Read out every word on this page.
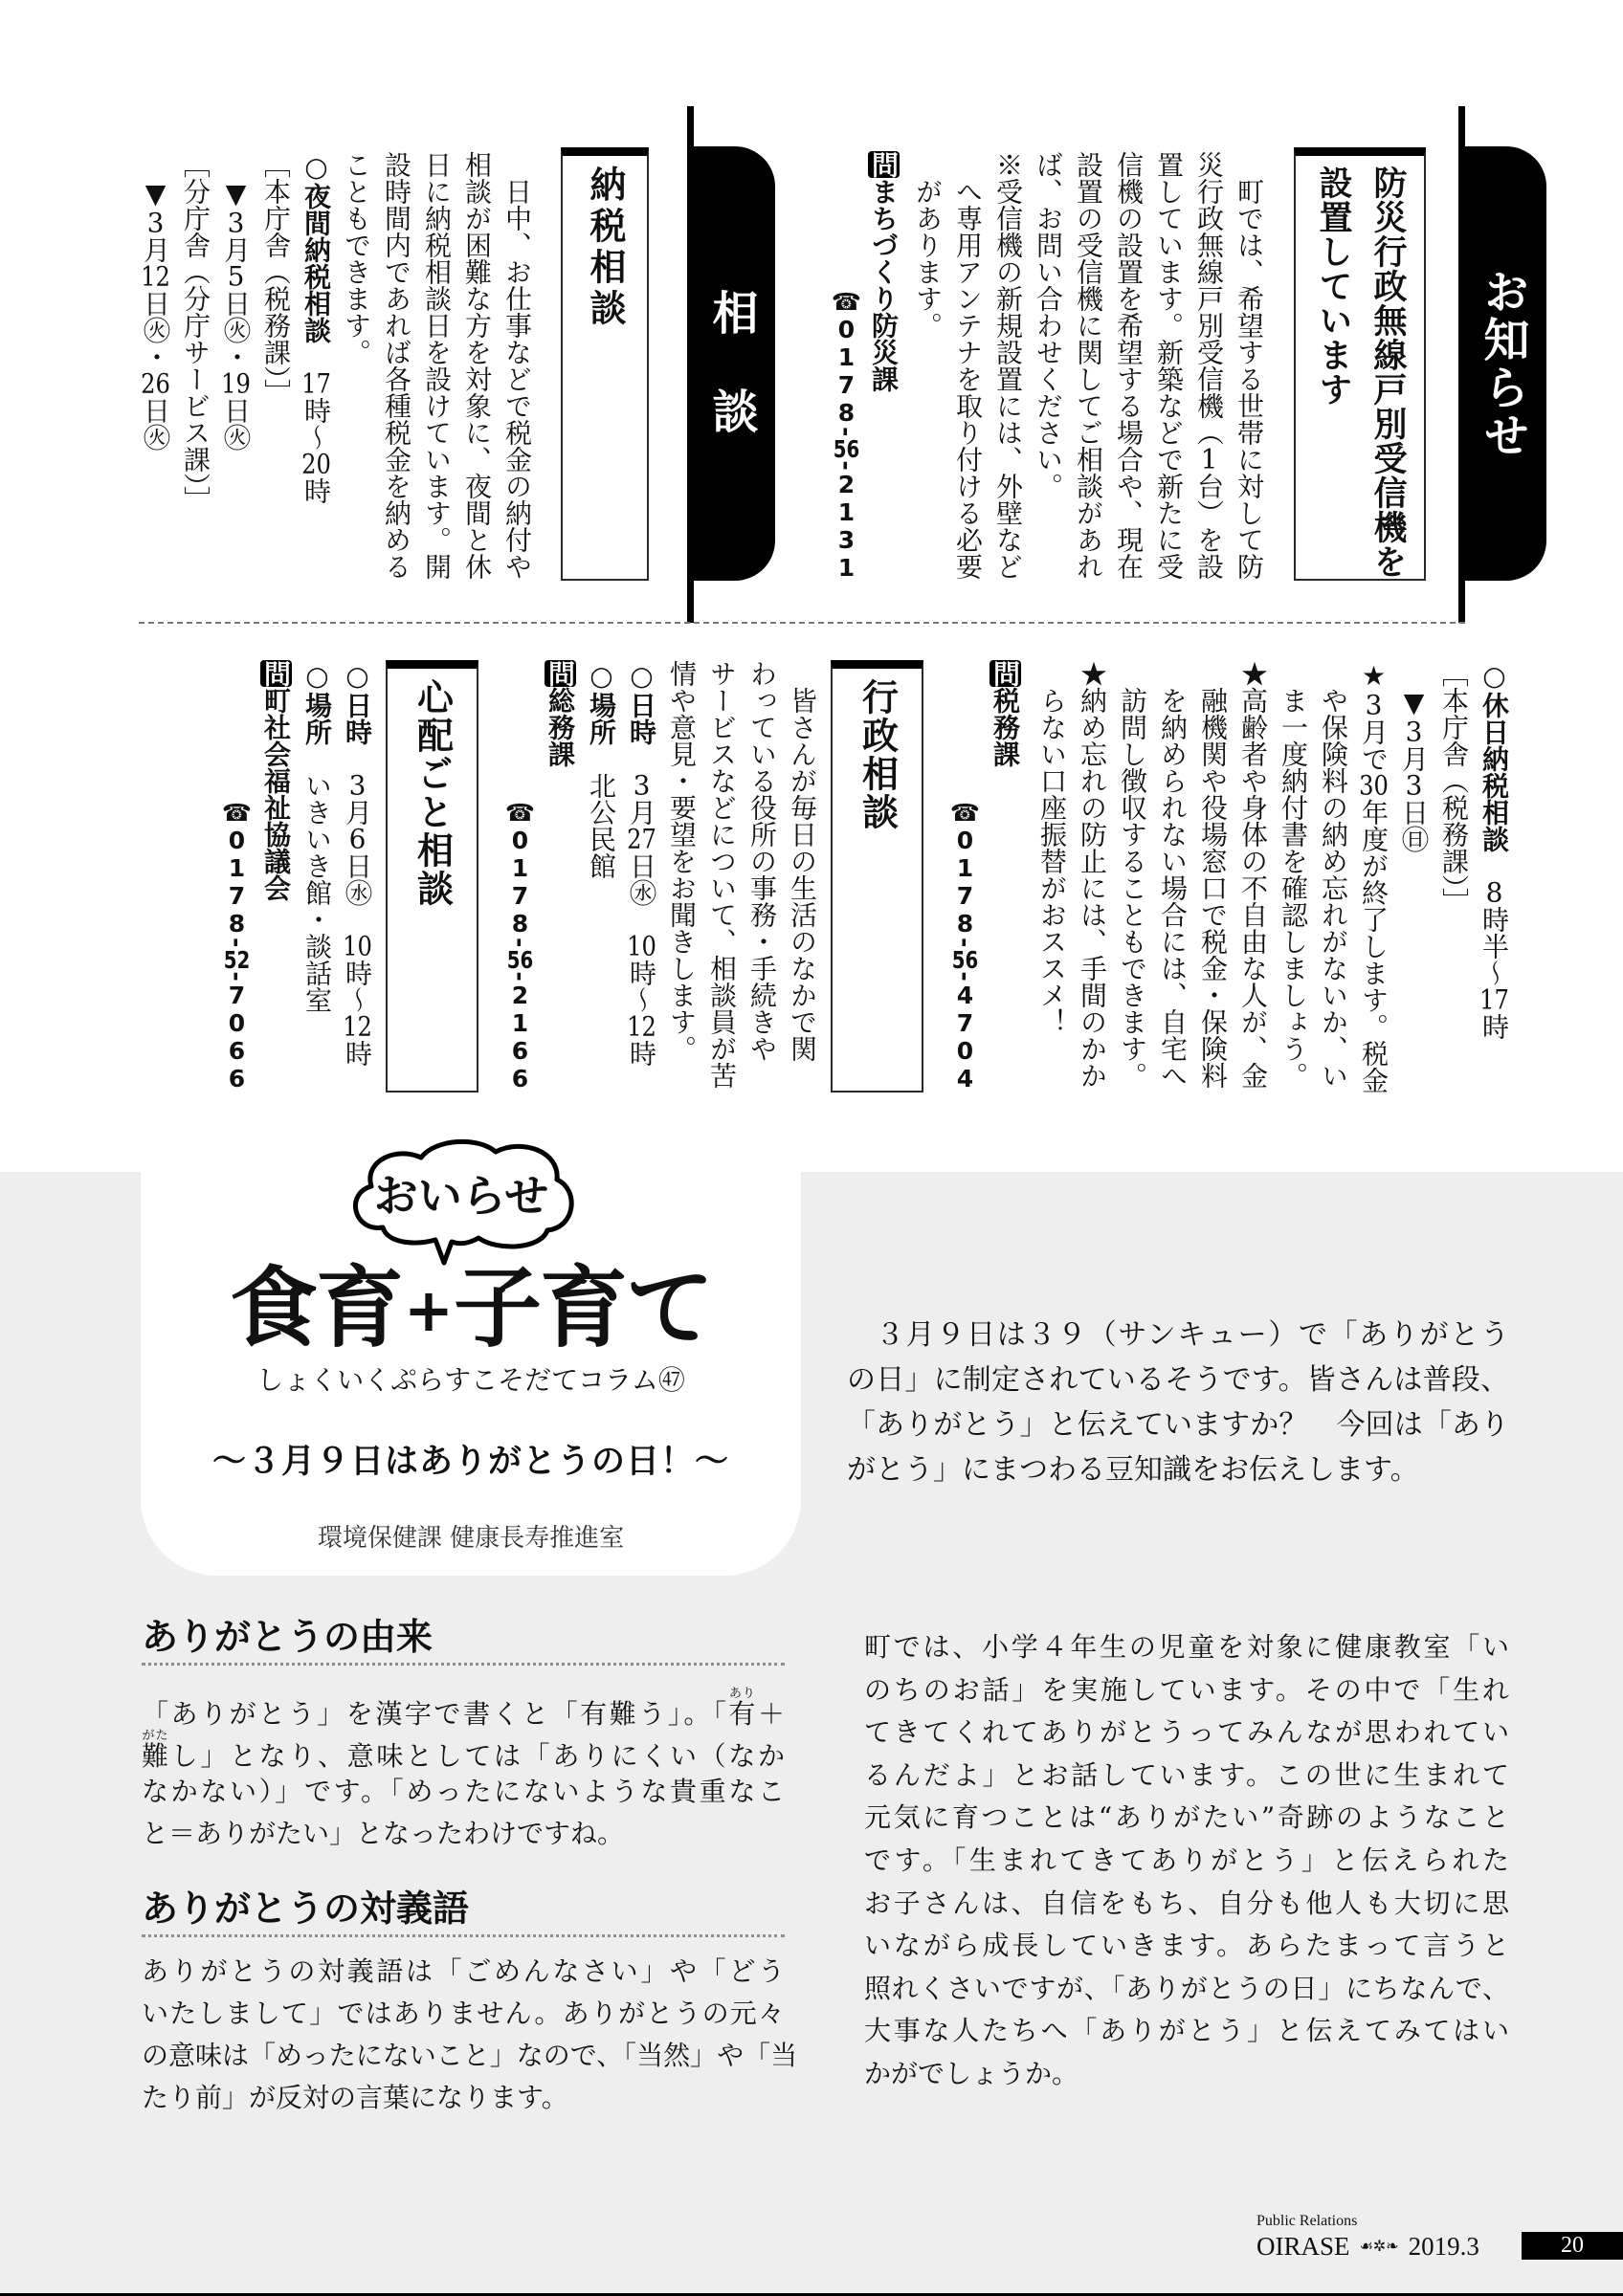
お知らせ
防災行政無線戸別受信機を
設置しています
町では、希望する世帯に対して防
災行政無線戸別受信機（1台）を設
置しています。新築などで新たに受
信機の設置を希望する場合や、現在
設置の受信機に関してご相談があれ
ば、お問い合わせください。
※受信機の新規設置には、外壁など
へ専用アンテナを取り付ける必要
があります。
問まちづくり防災課
☎0178-56-2131
相談
納税相談
日中、お仕事などで税金の納付や
相談が困難な方を対象に、夜間と休
日に納税相談日を設けています。開
設時間内であれば各種税金を納める
こともできます。
○夜間納税相談17時～20時
［本庁舎（税務課）］
▼3月5日㊋・19日㊋
［分庁舎（分庁サービス課）］
▼3月12日㊋・26日㊋
○休日納税相談8時半～17時
［本庁舎（税務課）］
▼3月3日㊐
★3月で30年度が終了します。税金
や保険料の納め忘れがないか、い
ま一度納付書を確認しましょう。
★高齢者や身体の不自由な人が、金
融機関や役場窓口で税金・保険料
を納められない場合には、自宅へ
訪問し徴収することもできます。
★納め忘れの防止には、手間のかか
らない口座振替がおススメ！
問税務課
☎0178-56-4704
行政相談
皆さんが毎日の生活のなかで関
わっている役所の事務・手続きや
サービスなどについて、相談員が苦
情や意見・要望をお聞きします。
○日時3月27日㊌10時～12時
○場所北公民館
問総務課
☎0178-56-2166
心配ごと相談
○日時3月6日㊌10時～12時
○場所いきいき館・談話室
問町社会福祉協議会
☎0178-52-7066
おいらせ
食育+子育て
しょくいくぷらすこそだてコラム㊼
～３月９日はありがとうの日！～
環境保健課 健康長寿推進室
３月９日は３９（サンキュー）で「ありがとう
の日」に制定されているそうです。皆さんは普段、
「ありがとう」と伝えていますか？　今回は「あり
がとう」にまつわる豆知識をお伝えします。
ありがとうの由来
「ありがとう」を漢字で書くと「有難う」。「有あり＋
難がたし」となり、意味としては「ありにくい（なか
なかない）」です。「めったにないような貴重なこ
と＝ありがたい」となったわけですね。
ありがとうの対義語
ありがとうの対義語は「ごめんなさい」や「どう
いたしまして」ではありません。ありがとうの元々
の意味は「めったにないこと」なので、「当然」や「当
たり前」が反対の言葉になります。
町では、小学４年生の児童を対象に健康教室「い
のちのお話」を実施しています。その中で「生れ
てきてくれてありがとうってみんなが思われてい
るんだよ」とお話しています。この世に生まれて
元気に育つことは“ありがたい”奇跡のようなこと
です。「生まれてきてありがとう」と伝えられた
お子さんは、自信をもち、自分も他人も大切に思
いながら成長していきます。あらたまって言うと
照れくさいですが、「ありがとうの日」にちなんで、
大事な人たちへ「ありがとう」と伝えてみてはい
かがでしょうか。
Public Relations
OIRASE ☙✲❧ 2019.3	20
